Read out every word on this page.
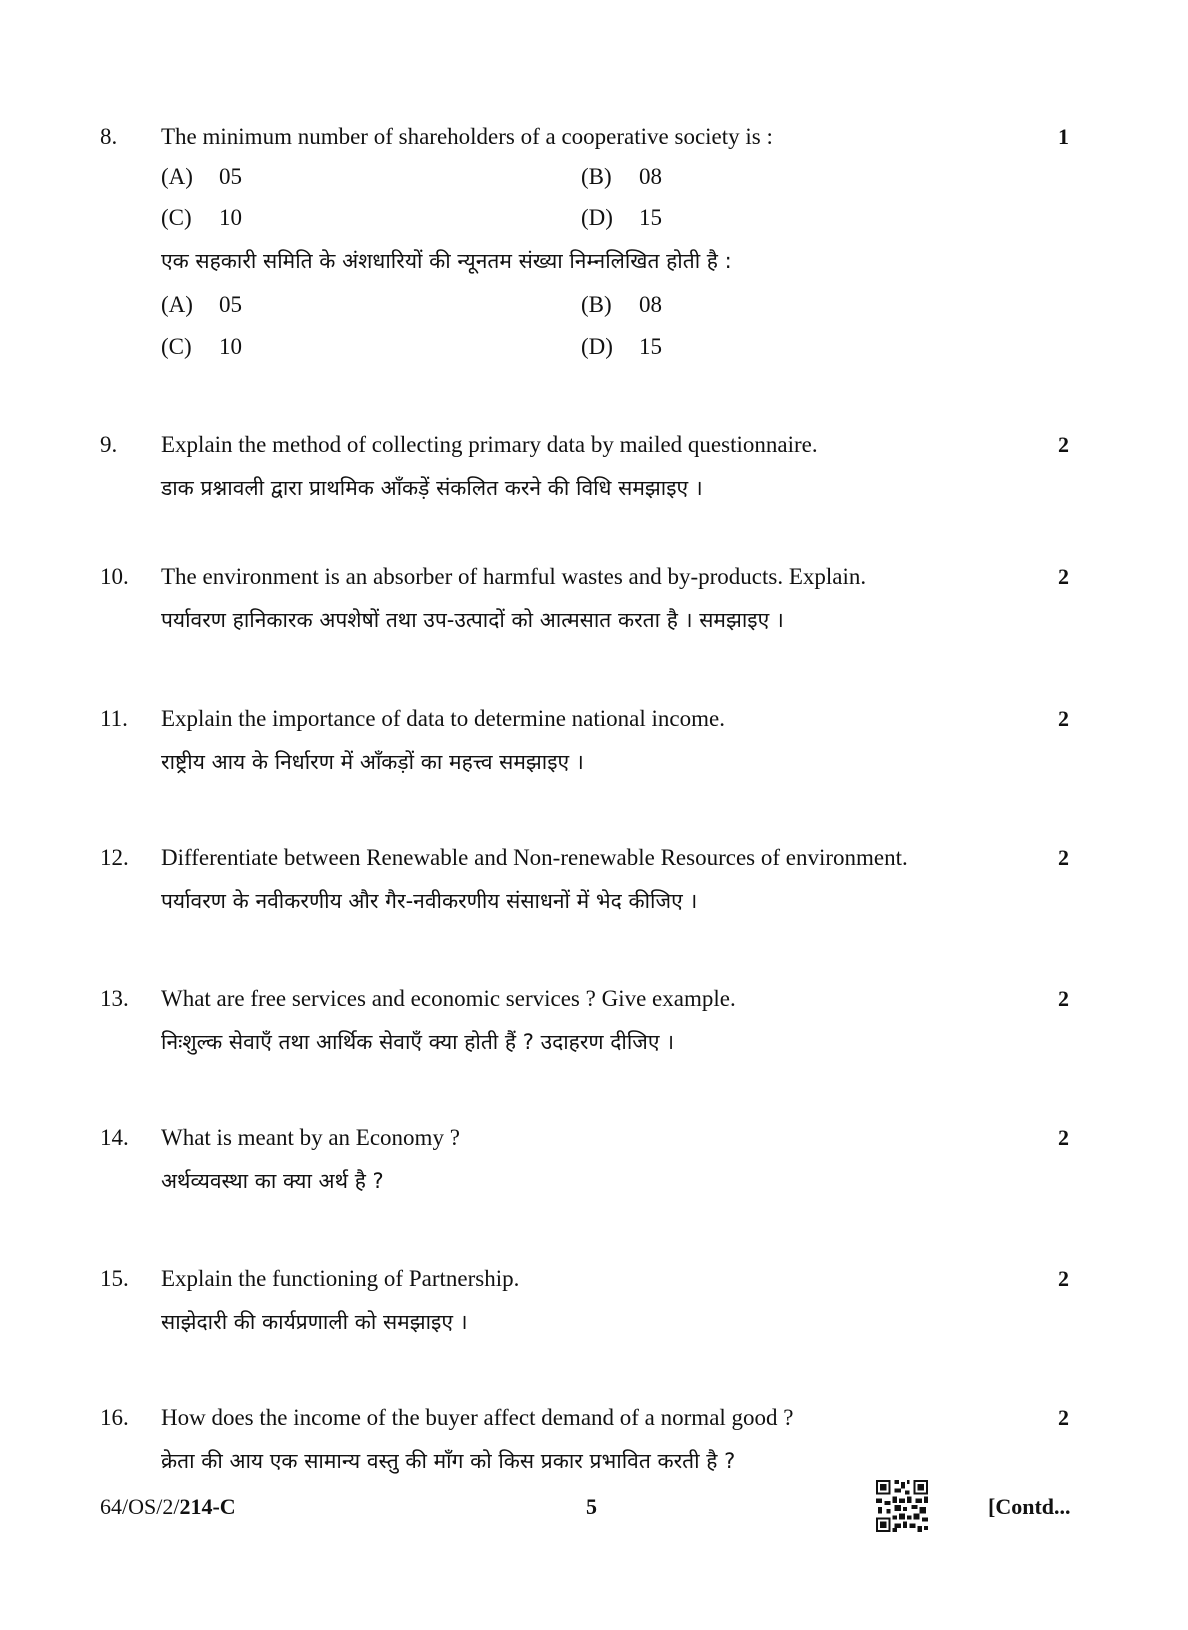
8. The minimum number of shareholders of a cooperative society is :	1
(A) 05	(B) 08
(C) 10	(D) 15
एक सहकारी समिति के अंशधारियों की न्यूनतम संख्या निम्नलिखित होती है :
(A) 05	(B) 08
(C) 10	(D) 15
9. Explain the method of collecting primary data by mailed questionnaire.	2
डाक प्रश्नावली द्वारा प्राथमिक आँकड़ें संकलित करने की विधि समझाइए ।
10. The environment is an absorber of harmful wastes and by-products. Explain.	2
पर्यावरण हानिकारक अपशेषों तथा उप-उत्पादों को आत्मसात करता है । समझाइए ।
11. Explain the importance of data to determine national income.	2
राष्ट्रीय आय के निर्धारण में आँकड़ों का महत्त्व समझाइए ।
12. Differentiate between Renewable and Non-renewable Resources of environment.	2
पर्यावरण के नवीकरणीय और गैर-नवीकरणीय संसाधनों में भेद कीजिए ।
13. What are free services and economic services ? Give example.	2
निःशुल्क सेवाएँ तथा आर्थिक सेवाएँ क्या होती हैं ? उदाहरण दीजिए ।
14. What is meant by an Economy ?	2
अर्थव्यवस्था का क्या अर्थ है ?
15. Explain the functioning of Partnership.	2
साझेदारी की कार्यप्रणाली को समझाइए ।
16. How does the income of the buyer affect demand of a normal good ?	2
क्रेता की आय एक सामान्य वस्तु की माँग को किस प्रकार प्रभावित करती है ?
64/OS/2/214-C	5	[Contd...
